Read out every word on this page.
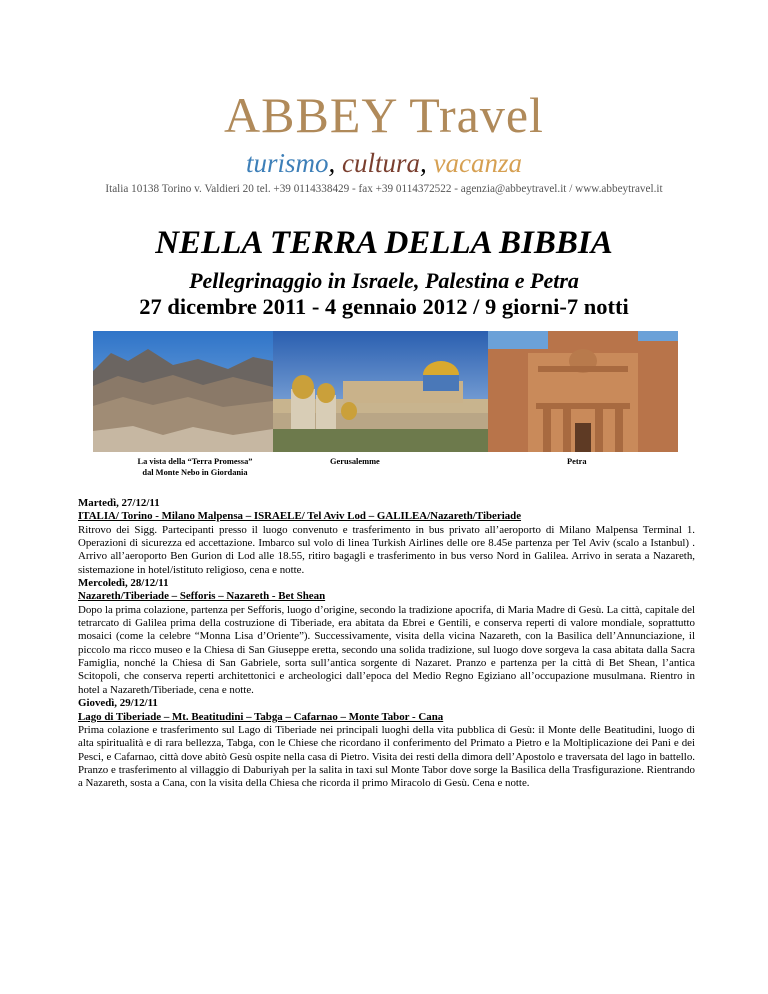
ABBEY Travel
turismo, cultura, vacanza
Italia 10138 Torino v. Valdieri 20 tel. +39 0114338429 - fax +39 0114372522 - agenzia@abbeytravel.it / www.abbeytravel.it
NELLA TERRA DELLA BIBBIA
Pellegrinaggio in Israele, Palestina e Petra
27 dicembre 2011 - 4 gennaio 2012 / 9 giorni-7 notti
La vista della “Terra Promessa”
dal Monte Nebo in Giordania
Gerusalemme	Petra

Martedì, 27/12/11

ITALIA/ Torino - Milano Malpensa – ISRAELE/ Tel Aviv Lod – GALILEA/Nazareth/Tiberiade

Ritrovo dei Sigg. Partecipanti presso il luogo convenuto e trasferimento in bus privato all’aeroporto di Milano Malpensa Terminal 1. Operazioni di sicurezza ed accettazione. Imbarco sul volo di linea Turkish Airlines delle ore 8.45e partenza per Tel Aviv (scalo a Istanbul) . Arrivo all’aeroporto Ben Gurion di Lod alle 18.55, ritiro bagagli e trasferimento in bus verso Nord in Galilea. Arrivo in serata a Nazareth, sistemazione in hotel/istituto religioso, cena e notte.

Mercoledì, 28/12/11

Nazareth/Tiberiade – Sefforis – Nazareth - Bet Shean

Dopo la prima colazione, partenza per Sefforis, luogo d’origine, secondo la tradizione apocrifa, di Maria Madre di Gesù. La città, capitale del tetrarcato di Galilea prima della costruzione di Tiberiade, era abitata da Ebrei e Gentili, e conserva reperti di valore mondiale, soprattutto mosaici (come la celebre “Monna Lisa d’Oriente”). Successivamente, visita della vicina Nazareth, con la Basilica dell’Annunciazione, il piccolo ma ricco museo e la Chiesa di San Giuseppe eretta, secondo una solida tradizione, sul luogo dove sorgeva la casa abitata dalla Sacra Famiglia, nonché la Chiesa di San Gabriele, sorta sull’antica sorgente di Nazaret. Pranzo e partenza per la città di Bet Shean, l’antica Scitopoli, che conserva reperti architettonici e archeologici dall’epoca del Medio Regno Egiziano all’occupazione musulmana. Rientro in hotel a Nazareth/Tiberiade, cena e notte.

Giovedì, 29/12/11

Lago di Tiberiade – Mt. Beatitudini – Tabga – Cafarnao – Monte Tabor - Cana

Prima colazione e trasferimento sul Lago di Tiberiade nei principali luoghi della vita pubblica di Gesù: il Monte delle Beatitudini, luogo di alta spiritualità e di rara bellezza, Tabga, con le Chiese che ricordano il conferimento del Primato a Pietro e la Moltiplicazione dei Pani e dei Pesci, e Cafarnao, città dove abitò Gesù ospite nella casa di Pietro. Visita dei resti della dimora dell’Apostolo e traversata del lago in battello. Pranzo e trasferimento al villaggio di Daburiyah per la salita in taxi sul Monte Tabor dove sorge la Basilica della Trasfigurazione. Rientrando a Nazareth, sosta a Cana, con la visita della Chiesa che ricorda il primo Miracolo di Gesù. Cena e notte.
